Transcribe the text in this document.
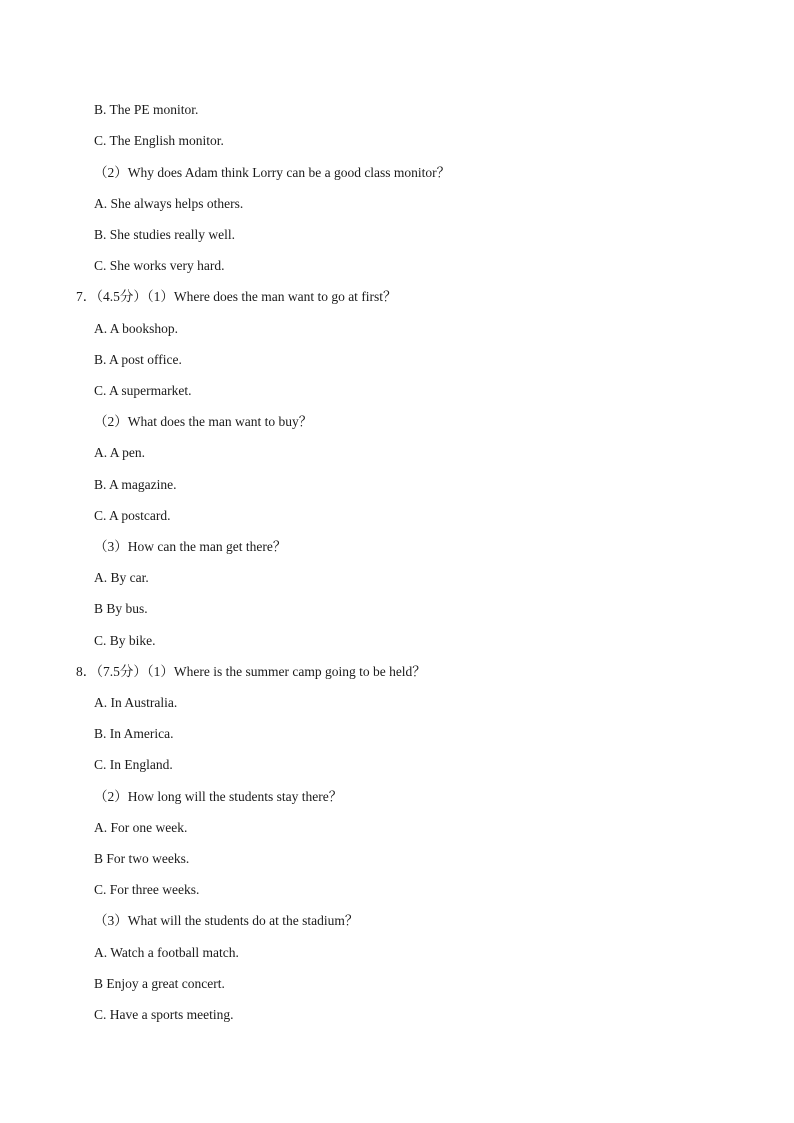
B. The PE monitor.
C. The English monitor.
（2）Why does Adam think Lorry can be a good class monitor？
A. She always helps others.
B. She studies really well.
C. She works very hard.
7．（4.5分）（1）Where does the man want to go at first？
A. A bookshop.
B. A post office.
C. A supermarket.
（2）What does the man want to buy？
A. A pen.
B. A magazine.
C. A postcard.
（3）How can the man get there？
A. By car.
B By bus.
C. By bike.
8．（7.5分）（1）Where is the summer camp going to be held？
A. In Australia.
B. In America.
C. In England.
（2）How long will the students stay there？
A. For one week.
B For two weeks.
C. For three weeks.
（3）What will the students do at the stadium？
A. Watch a football match.
B Enjoy a great concert.
C. Have a sports meeting.
